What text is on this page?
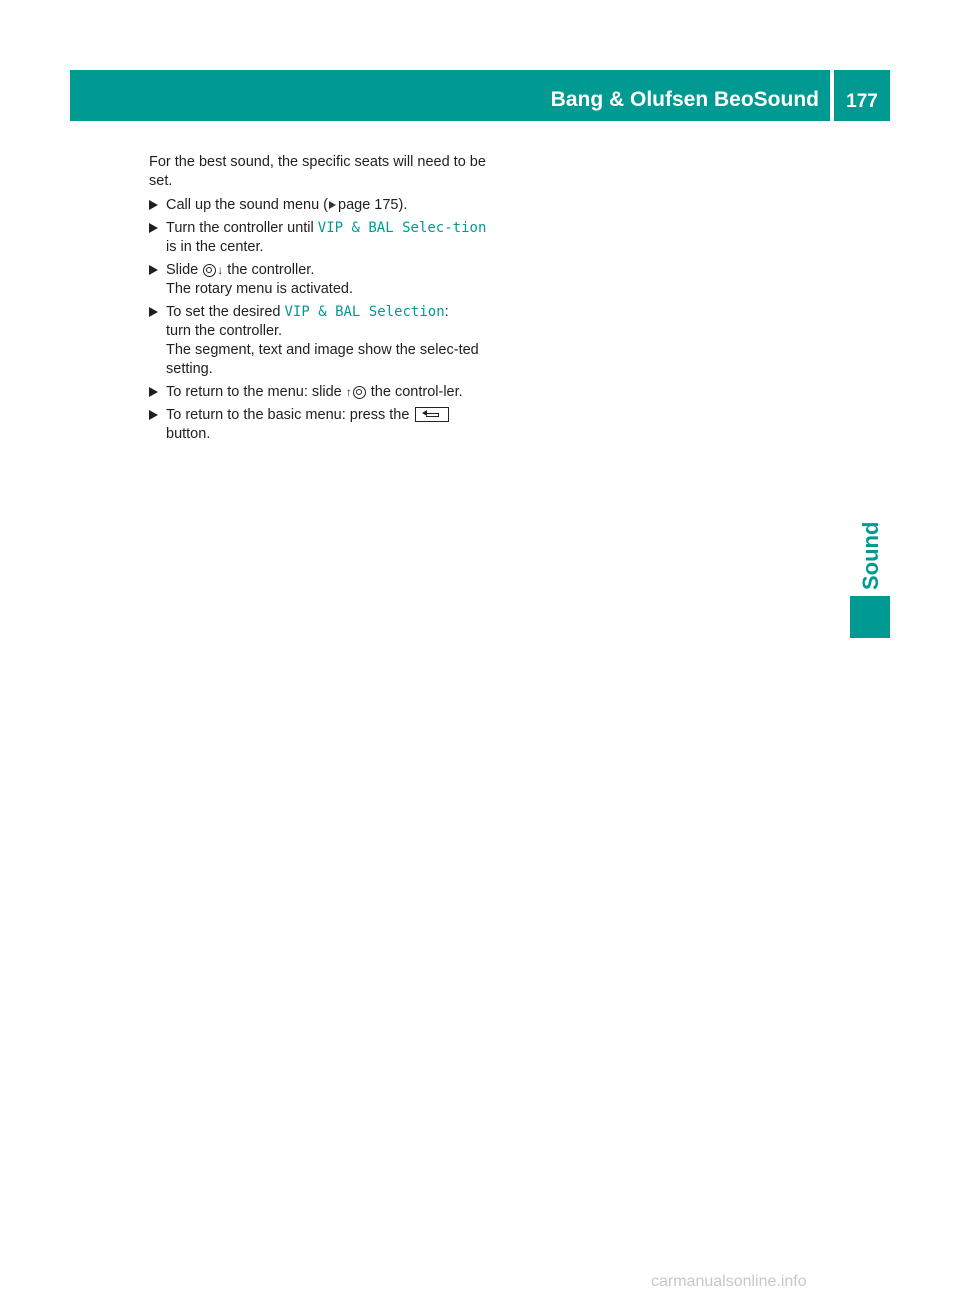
Bang & Olufsen BeoSound	177
Sound

For the best sound, the specific seats will need to be set.

Call up the sound menu ( page 175).
Turn the controller until VIP & BAL Selec‐tion is in the center.
Slide ↓ the controller.
The rotary menu is activated.
To set the desired VIP & BAL Selection:
turn the controller.
The segment, text and image show the selec‐ted setting.
To return to the menu: slide ↑ the control‐ler.
To return to the basic menu: press the
button.
carmanualsonline.info
